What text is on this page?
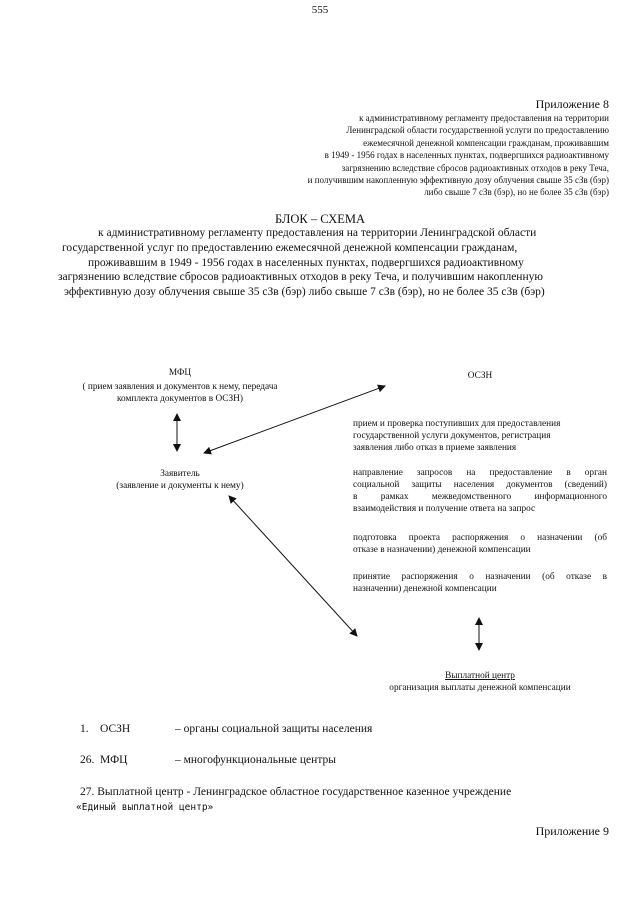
555
Приложение 8
к административному регламенту предоставления на территории
Ленинградской области государственной услуги по предоставлению
ежемесячной денежной компенсации гражданам, проживавшим
в 1949 - 1956 годах в населенных пунктах, подвергшихся радиоактивному
загрязнению вследствие сбросов радиоактивных отходов в реку Теча,
и получившим накопленную эффективную дозу облучения свыше 35 сЗв (бэр)
либо свыше 7 сЗв (бэр), но не более 35 сЗв (бэр)
БЛОК – СХЕМА
к административному регламенту предоставления на территории Ленинградской области
государственной услуг по предоставлению ежемесячной денежной компенсации гражданам,
проживавшим в 1949 - 1956 годах в населенных пунктах, подвергшихся радиоактивному
загрязнению вследствие сбросов радиоактивных отходов в реку Теча, и получившим накопленную
эффективную дозу облучения свыше 35 сЗв (бэр) либо свыше 7 сЗв (бэр), но не более 35 сЗв (бэр)
МФЦ
( прием заявления и документов к нему, передача
комплекта документов в ОСЗН)
Заявитель
(заявление и документы к нему)
ОСЗН
прием и проверка поступивших для предоставления
государственной услуги документов, регистрация
заявления либо отказ в приеме заявления
направление запросов на предоставление в орган
социальной защиты населения документов (сведений)
в рамках межведомственного информационного
взаимодействия и получение ответа на запрос
подготовка проекта распоряжения о назначении (об
отказе в назначении) денежной компенсации
принятие распоряжения о назначении (об отказе в
назначении) денежной компенсации
Выплатной центр
организация выплаты денежной компенсации
1. ОСЗН	– органы социальной защиты населения
26. МФЦ	– многофункциональные центры
27. Выплатной центр - Ленинградское областное государственное казенное учреждение
«Единый выплатной центр»
Приложение 9
